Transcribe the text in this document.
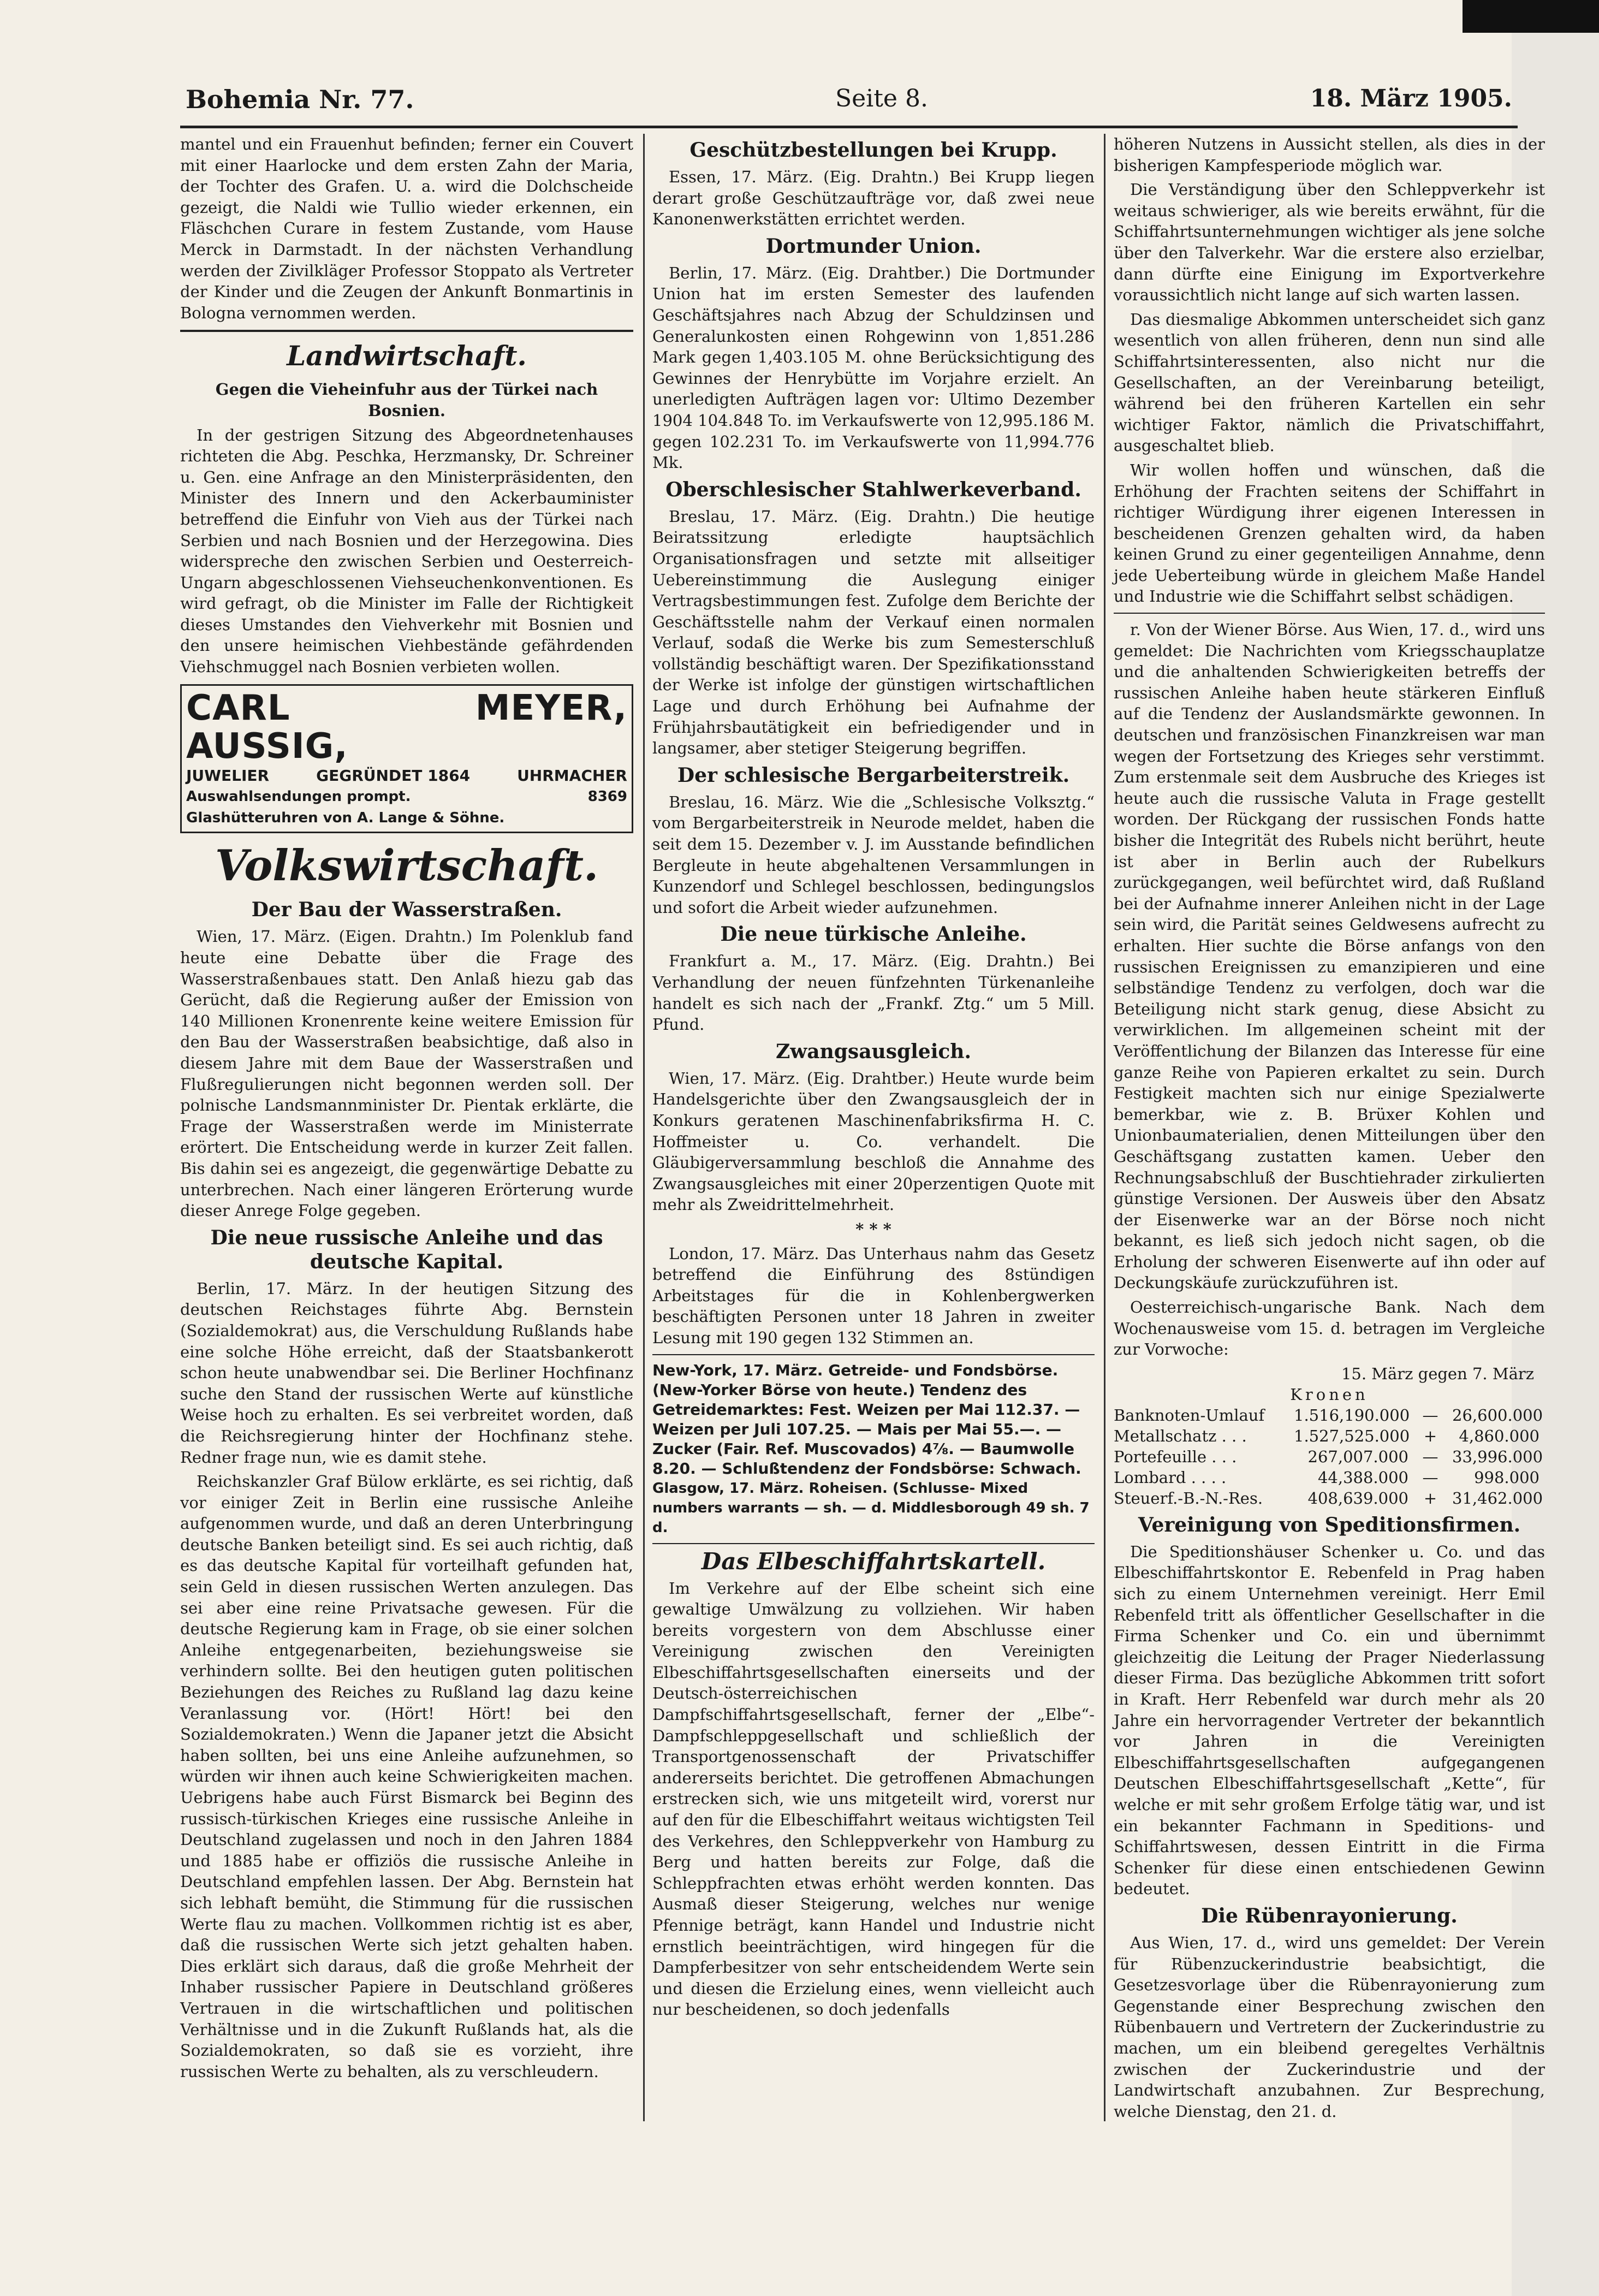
Bohemia Nr. 77.	Seite 8.	18. März 1905.

mantel und ein Frauenhut befinden; ferner ein Couvert mit einer Haarlocke und dem ersten Zahn der Maria, der Tochter des Grafen. U. a. wird die Dolchscheide gezeigt, die Naldi wie Tullio wieder erkennen, ein Fläschchen Curare in festem Zustande, vom Hause Merck in Darmstadt. In der nächsten Verhandlung werden der Zivilkläger Professor Stoppato als Vertreter der Kinder und die Zeugen der Ankunft Bonmartinis in Bologna vernommen werden.

Landwirtschaft.

Gegen die Vieheinfuhr aus der Türkei nach Bosnien.

In der gestrigen Sitzung des Abgeordnetenhauses richteten die Abg. Peschka, Herzmansky, Dr. Schreiner u. Gen. eine Anfrage an den Ministerpräsidenten, den Minister des Innern und den Ackerbauminister betreffend die Einfuhr von Vieh aus der Türkei nach Serbien und nach Bosnien und der Herzegowina. Dies widerspreche den zwischen Serbien und Oesterreich-Ungarn abgeschlossenen Viehseuchenkonventionen. Es wird gefragt, ob die Minister im Falle der Richtigkeit dieses Umstandes den Viehverkehr mit Bosnien und den unsere heimischen Viehbestände gefährdenden Viehschmuggel nach Bosnien verbieten wollen.

CARL MEYER, AUSSIG,
JUWELIER	GEGRÜNDET 1864	UHRMACHER
Auswahlsendungen prompt.	8369
Glashütteruhren von A. Lange & Söhne.
Volkswirtschaft.
Der Bau der Wasserstraßen.

Wien, 17. März. (Eigen. Drahtn.) Im Polenklub fand heute eine Debatte über die Frage des Wasserstraßenbaues statt. Den Anlaß hiezu gab das Gerücht, daß die Regierung außer der Emission von 140 Millionen Kronenrente keine weitere Emission für den Bau der Wasserstraßen beabsichtige, daß also in diesem Jahre mit dem Baue der Wasserstraßen und Flußregulierungen nicht begonnen werden soll. Der polnische Landsmannminister Dr. Pientak erklärte, die Frage der Wasserstraßen werde im Ministerrate erörtert. Die Entscheidung werde in kurzer Zeit fallen. Bis dahin sei es angezeigt, die gegenwärtige Debatte zu unterbrechen. Nach einer längeren Erörterung wurde dieser Anrege Folge gegeben.

Die neue russische Anleihe und das deutsche Kapital.

Berlin, 17. März. In der heutigen Sitzung des deutschen Reichstages führte Abg. Bernstein (Sozialdemokrat) aus, die Verschuldung Rußlands habe eine solche Höhe erreicht, daß der Staatsbankerott schon heute unabwendbar sei. Die Berliner Hochfinanz suche den Stand der russischen Werte auf künstliche Weise hoch zu erhalten. Es sei verbreitet worden, daß die Reichsregierung hinter der Hochfinanz stehe. Redner frage nun, wie es damit stehe.

Reichskanzler Graf Bülow erklärte, es sei richtig, daß vor einiger Zeit in Berlin eine russische Anleihe aufgenommen wurde, und daß an deren Unterbringung deutsche Banken beteiligt sind. Es sei auch richtig, daß es das deutsche Kapital für vorteilhaft gefunden hat, sein Geld in diesen russischen Werten anzulegen. Das sei aber eine reine Privatsache gewesen. Für die deutsche Regierung kam in Frage, ob sie einer solchen Anleihe entgegenarbeiten, beziehungsweise sie verhindern sollte. Bei den heutigen guten politischen Beziehungen des Reiches zu Rußland lag dazu keine Veranlassung vor. (Hört! Hört! bei den Sozialdemokraten.) Wenn die Japaner jetzt die Absicht haben sollten, bei uns eine Anleihe aufzunehmen, so würden wir ihnen auch keine Schwierigkeiten machen. Uebrigens habe auch Fürst Bismarck bei Beginn des russisch-türkischen Krieges eine russische Anleihe in Deutschland zugelassen und noch in den Jahren 1884 und 1885 habe er offiziös die russische Anleihe in Deutschland empfehlen lassen. Der Abg. Bernstein hat sich lebhaft bemüht, die Stimmung für die russischen Werte flau zu machen. Vollkommen richtig ist es aber, daß die russischen Werte sich jetzt gehalten haben. Dies erklärt sich daraus, daß die große Mehrheit der Inhaber russischer Papiere in Deutschland größeres Vertrauen in die wirtschaftlichen und politischen Verhältnisse und in die Zukunft Rußlands hat, als die Sozialdemokraten, so daß sie es vorzieht, ihre russischen Werte zu behalten, als zu verschleudern.

Geschützbestellungen bei Krupp.

Essen, 17. März. (Eig. Drahtn.) Bei Krupp liegen derart große Geschützaufträge vor, daß zwei neue Kanonenwerkstätten errichtet werden.

Dortmunder Union.

Berlin, 17. März. (Eig. Drahtber.) Die Dortmunder Union hat im ersten Semester des laufenden Geschäftsjahres nach Abzug der Schuldzinsen und Generalunkosten einen Rohgewinn von 1,851.286 Mark gegen 1,403.105 M. ohne Berücksichtigung des Gewinnes der Henrybütte im Vorjahre erzielt. An unerledigten Aufträgen lagen vor: Ultimo Dezember 1904 104.848 To. im Verkaufswerte von 12,995.186 M. gegen 102.231 To. im Verkaufswerte von 11,994.776 Mk.

Oberschlesischer Stahlwerkeverband.

Breslau, 17. März. (Eig. Drahtn.) Die heutige Beiratssitzung erledigte hauptsächlich Organisationsfragen und setzte mit allseitiger Uebereinstimmung die Auslegung einiger Vertragsbestimmungen fest. Zufolge dem Berichte der Geschäftsstelle nahm der Verkauf einen normalen Verlauf, sodaß die Werke bis zum Semesterschluß vollständig beschäftigt waren. Der Spezifikationsstand der Werke ist infolge der günstigen wirtschaftlichen Lage und durch Erhöhung bei Aufnahme der Frühjahrsbautätigkeit ein befriedigender und in langsamer, aber stetiger Steigerung begriffen.

Der schlesische Bergarbeiterstreik.

Breslau, 16. März. Wie die „Schlesische Volksztg.“ vom Bergarbeiterstreik in Neurode meldet, haben die seit dem 15. Dezember v. J. im Ausstande befindlichen Bergleute in heute abgehaltenen Versammlungen in Kunzendorf und Schlegel beschlossen, bedingungslos und sofort die Arbeit wieder aufzunehmen.

Die neue türkische Anleihe.

Frankfurt a. M., 17. März. (Eig. Drahtn.) Bei Verhandlung der neuen fünfzehnten Türkenanleihe handelt es sich nach der „Frankf. Ztg.“ um 5 Mill. Pfund.

Zwangsausgleich.

Wien, 17. März. (Eig. Drahtber.) Heute wurde beim Handelsgerichte über den Zwangsausgleich der in Konkurs geratenen Maschinenfabriksfirma H. C. Hoffmeister u. Co. verhandelt. Die Gläubigerversammlung beschloß die Annahme des Zwangsausgleiches mit einer 20perzentigen Quote mit mehr als Zweidrittelmehrheit.

* * *

London, 17. März. Das Unterhaus nahm das Gesetz betreffend die Einführung des 8stündigen Arbeitstages für die in Kohlenbergwerken beschäftigten Personen unter 18 Jahren in zweiter Lesung mit 190 gegen 132 Stimmen an.

New-York, 17. März. Getreide- und Fondsbörse. (New-Yorker Börse von heute.) Tendenz des Getreidemarktes: Fest. Weizen per Mai 112.37. — Weizen per Juli 107.25. — Mais per Mai 55.—. — Zucker (Fair. Ref. Muscovados) 4⅞. — Baumwolle 8.20. — Schlußtendenz der Fondsbörse: Schwach.
Glasgow, 17. März. Roheisen. (Schlusse- Mixed numbers warrants — sh. — d. Middlesborough 49 sh. 7 d.
Das Elbeschiffahrtskartell.

Im Verkehre auf der Elbe scheint sich eine gewaltige Umwälzung zu vollziehen. Wir haben bereits vorgestern von dem Abschlusse einer Vereinigung zwischen den Vereinigten Elbeschiffahrtsgesellschaften einerseits und der Deutsch-österreichischen Dampfschiffahrtsgesellschaft, ferner der „Elbe“-Dampfschleppgesellschaft und schließlich der Transportgenossenschaft der Privatschiffer andererseits berichtet. Die getroffenen Abmachungen erstrecken sich, wie uns mitgeteilt wird, vorerst nur auf den für die Elbeschiffahrt weitaus wichtigsten Teil des Verkehres, den Schleppverkehr von Hamburg zu Berg und hatten bereits zur Folge, daß die Schleppfrachten etwas erhöht werden konnten. Das Ausmaß dieser Steigerung, welches nur wenige Pfennige beträgt, kann Handel und Industrie nicht ernstlich beeinträchtigen, wird hingegen für die Dampferbesitzer von sehr entscheidendem Werte sein und diesen die Erzielung eines, wenn vielleicht auch nur bescheidenen, so doch jedenfalls

höheren Nutzens in Aussicht stellen, als dies in der bisherigen Kampfesperiode möglich war.

Die Verständigung über den Schleppverkehr ist weitaus schwieriger, als wie bereits erwähnt, für die Schiffahrtsunternehmungen wichtiger als jene solche über den Talverkehr. War die erstere also erzielbar, dann dürfte eine Einigung im Exportverkehre voraussichtlich nicht lange auf sich warten lassen.

Das diesmalige Abkommen unterscheidet sich ganz wesentlich von allen früheren, denn nun sind alle Schiffahrtsinteressenten, also nicht nur die Gesellschaften, an der Vereinbarung beteiligt, während bei den früheren Kartellen ein sehr wichtiger Faktor, nämlich die Privatschiffahrt, ausgeschaltet blieb.

Wir wollen hoffen und wünschen, daß die Erhöhung der Frachten seitens der Schiffahrt in richtiger Würdigung ihrer eigenen Interessen in bescheidenen Grenzen gehalten wird, da haben keinen Grund zu einer gegenteiligen Annahme, denn jede Ueberteibung würde in gleichem Maße Handel und Industrie wie die Schiffahrt selbst schädigen.

r. Von der Wiener Börse. Aus Wien, 17. d., wird uns gemeldet: Die Nachrichten vom Kriegsschauplatze und die anhaltenden Schwierigkeiten betreffs der russischen Anleihe haben heute stärkeren Einfluß auf die Tendenz der Auslandsmärkte gewonnen. In deutschen und französischen Finanzkreisen war man wegen der Fortsetzung des Krieges sehr verstimmt. Zum erstenmale seit dem Ausbruche des Krieges ist heute auch die russische Valuta in Frage gestellt worden. Der Rückgang der russischen Fonds hatte bisher die Integrität des Rubels nicht berührt, heute ist aber in Berlin auch der Rubelkurs zurückgegangen, weil befürchtet wird, daß Rußland bei der Aufnahme innerer Anleihen nicht in der Lage sein wird, die Parität seines Geldwesens aufrecht zu erhalten. Hier suchte die Börse anfangs von den russischen Ereignissen zu emanzipieren und eine selbständige Tendenz zu verfolgen, doch war die Beteiligung nicht stark genug, diese Absicht zu verwirklichen. Im allgemeinen scheint mit der Veröffentlichung der Bilanzen das Interesse für eine ganze Reihe von Papieren erkaltet zu sein. Durch Festigkeit machten sich nur einige Spezialwerte bemerkbar, wie z. B. Brüxer Kohlen und Unionbaumaterialien, denen Mitteilungen über den Geschäftsgang zustatten kamen. Ueber den Rechnungsabschluß der Buschtiehrader zirkulierten günstige Versionen. Der Ausweis über den Absatz der Eisenwerke war an der Börse noch nicht bekannt, es ließ sich jedoch nicht sagen, ob die Erholung der schweren Eisenwerte auf ihn oder auf Deckungskäufe zurückzuführen ist.

Oesterreichisch-ungarische Bank. Nach dem Wochenausweise vom 15. d. betragen im Vergleiche zur Vorwoche:

15. März gegen 7. März
Kronen
Banknoten-Umlauf	1.516,190.000 — 26,600.000
Metallschatz . . .	1.527,525.000 +	4,860.000
Portefeuille . . .	267,007.000 — 33,996.000
Lombard . . . .	44,388.000 —	998.000
Steuerf.-B.-N.-Res.	408,639.000 + 31,462.000
Vereinigung von Speditionsfirmen.

Die Speditionshäuser Schenker u. Co. und das Elbeschiffahrtskontor E. Rebenfeld in Prag haben sich zu einem Unternehmen vereinigt. Herr Emil Rebenfeld tritt als öffentlicher Gesellschafter in die Firma Schenker und Co. ein und übernimmt gleichzeitig die Leitung der Prager Niederlassung dieser Firma. Das bezügliche Abkommen tritt sofort in Kraft. Herr Rebenfeld war durch mehr als 20 Jahre ein hervorragender Vertreter der bekanntlich vor Jahren in die Vereinigten Elbeschiffahrtsgesellschaften aufgegangenen Deutschen Elbeschiffahrtsgesellschaft „Kette“, für welche er mit sehr großem Erfolge tätig war, und ist ein bekannter Fachmann in Speditions- und Schiffahrtswesen, dessen Eintritt in die Firma Schenker für diese einen entschiedenen Gewinn bedeutet.

Die Rübenrayonierung.

Aus Wien, 17. d., wird uns gemeldet: Der Verein für Rübenzuckerindustrie beabsichtigt, die Gesetzesvorlage über die Rübenrayonierung zum Gegenstande einer Besprechung zwischen den Rübenbauern und Vertretern der Zuckerindustrie zu machen, um ein bleibend geregeltes Verhältnis zwischen der Zuckerindustrie und der Landwirtschaft anzubahnen. Zur Besprechung, welche Dienstag, den 21. d.
